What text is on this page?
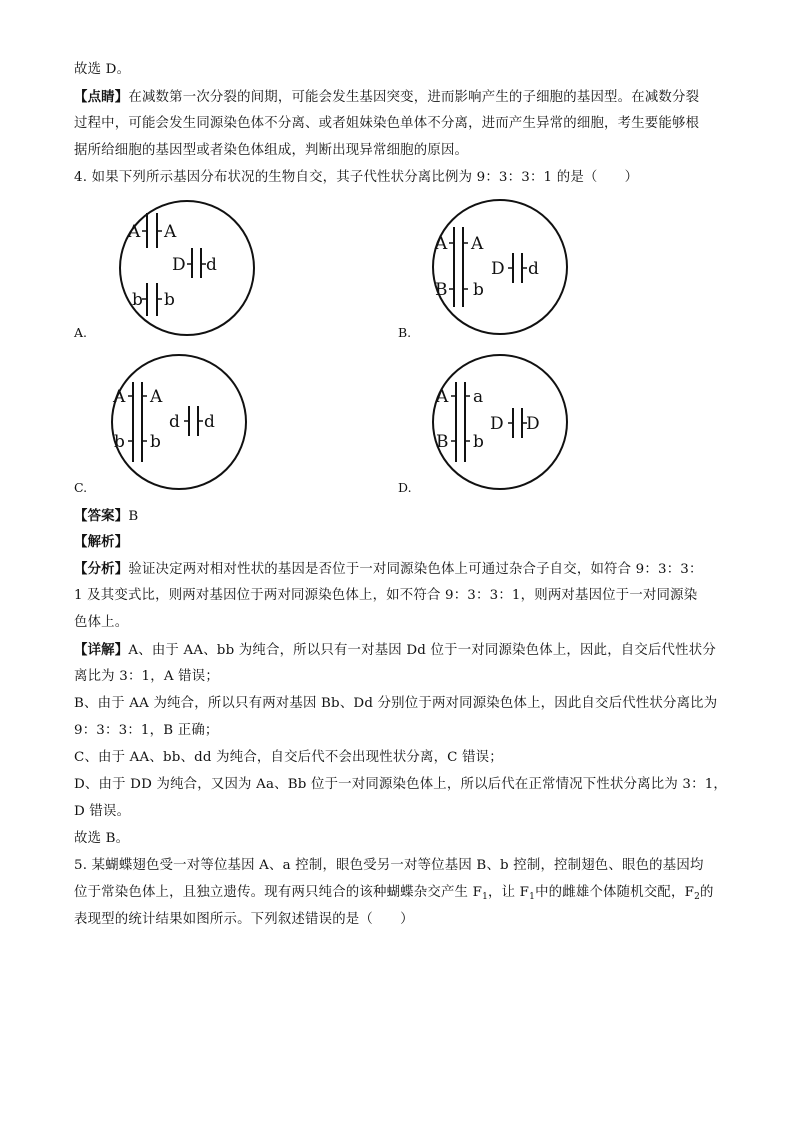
故选 D。
【点睛】在减数第一次分裂的间期，可能会发生基因突变，进而影响产生的子细胞的基因型。在减数分裂
过程中，可能会发生同源染色体不分离、或者姐妹染色单体不分离，进而产生异常的细胞，考生要能够根
据所给细胞的基因型或者染色体组成，判断出现异常细胞的原因。
4. 如果下列所示基因分布状况的生物自交，其子代性状分离比例为 9：3：3：1 的是（　　）
A A
D d
b b
A.
A A
B b
D d
B.
A A
b b
d d
C.
A a
B b
D D
D.
【答案】B
【解析】
【分析】验证决定两对相对性状的基因是否位于一对同源染色体上可通过杂合子自交，如符合 9：3：3：
1 及其变式比，则两对基因位于两对同源染色体上，如不符合 9：3：3：1，则两对基因位于一对同源染
色体上。
【详解】A、由于 AA、bb 为纯合，所以只有一对基因 Dd 位于一对同源染色体上，因此，自交后代性状分
离比为 3：1，A 错误；
B、由于 AA 为纯合，所以只有两对基因 Bb、Dd 分别位于两对同源染色体上，因此自交后代性状分离比为
9：3：3：1，B 正确；
C、由于 AA、bb、dd 为纯合，自交后代不会出现性状分离，C 错误；
D、由于 DD 为纯合，又因为 Aa、Bb 位于一对同源染色体上，所以后代在正常情况下性状分离比为 3：1，
D 错误。
故选 B。
5. 某蝴蝶翅色受一对等位基因 A、a 控制，眼色受另一对等位基因 B、b 控制，控制翅色、眼色的基因均
位于常染色体上，且独立遗传。现有两只纯合的该种蝴蝶杂交产生 $F_1$，让 $F_1$中的雌雄个体随机交配，$F_2$的
表现型的统计结果如图所示。下列叙述错误的是（　　）
